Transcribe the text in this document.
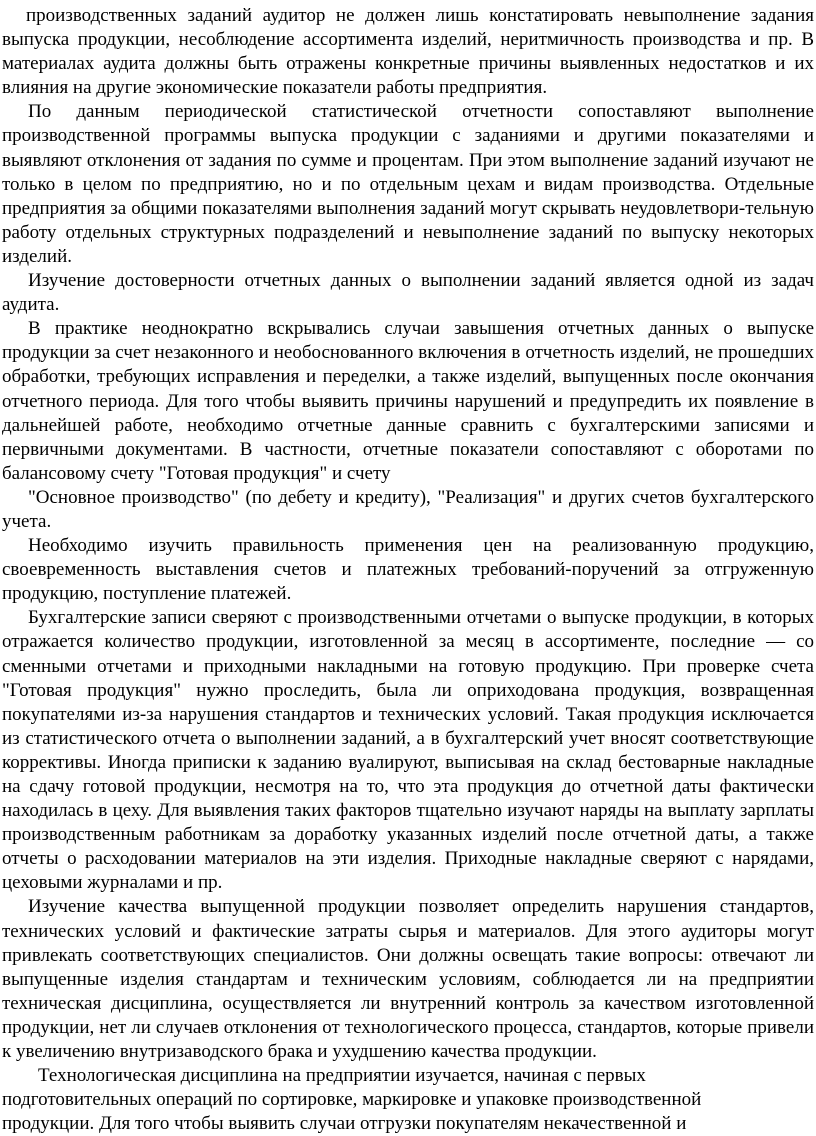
производственных заданий аудитор не должен лишь констатировать невыполнение задания выпуска продукции, несоблюдение ассортимента изделий, неритмичность производства и пр. В материалах аудита должны быть отражены конкретные причины выявленных недостатков и их влияния на другие экономические показатели работы предприятия.

По данным периодической статистической отчетности сопоставляют выполнение производственной программы выпуска продукции с заданиями и другими показателями и выявляют отклонения от задания по сумме и процентам. При этом выполнение заданий изучают не только в целом по предприятию, но и по отдельным цехам и видам производства. Отдельные предприятия за общими показателями выполнения заданий могут скрывать неудовлетвори-тельную работу отдельных структурных подразделений и невыполнение заданий по выпуску некоторых изделий.

Изучение достоверности отчетных данных о выполнении заданий является одной из задач аудита.

В практике неоднократно вскрывались случаи завышения отчетных данных о выпуске продукции за счет незаконного и необоснованного включения в отчетность изделий, не прошедших обработки, требующих исправления и переделки, а также изделий, выпущенных после окончания отчетного периода. Для того чтобы выявить причины нарушений и предупредить их появление в дальнейшей работе, необходимо отчетные данные сравнить с бухгалтерскими записями и первичными документами. В частности, отчетные показатели сопоставляют с оборотами по балансовому счету "Готовая продукция" и счету

"Основное производство" (по дебету и кредиту), "Реализация" и других счетов бухгалтерского учета.

Необходимо изучить правильность применения цен на реализованную продукцию, своевременность выставления счетов и платежных требований-поручений за отгруженную продукцию, поступление платежей.

Бухгалтерские записи сверяют с производственными отчетами о выпуске продукции, в которых отражается количество продукции, изготовленной за месяц в ассортименте, последние — со сменными отчетами и приходными накладными на готовую продукцию. При проверке счета "Готовая продукция" нужно проследить, была ли оприходована продукция, возвращенная покупателями из-за нарушения стандартов и технических условий. Такая продукция исключается из статистического отчета о выполнении заданий, а в бухгалтерский учет вносят соответствующие коррективы. Иногда приписки к заданию вуалируют, выписывая на склад бестоварные накладные на сдачу готовой продукции, несмотря на то, что эта продукция до отчетной даты фактически находилась в цеху. Для выявления таких факторов тщательно изучают наряды на выплату зарплаты производственным работникам за доработку указанных изделий после отчетной даты, а также отчеты о расходовании материалов на эти изделия. Приходные накладные сверяют с нарядами, цеховыми журналами и пр.

Изучение качества выпущенной продукции позволяет определить нарушения стандартов, технических условий и фактические затраты сырья и материалов. Для этого аудиторы могут привлекать соответствующих специалистов. Они должны освещать такие вопросы: отвечают ли выпущенные изделия стандартам и техническим условиям, соблюдается ли на предприятии техническая дисциплина, осуществляется ли внутренний контроль за качеством изготовленной продукции, нет ли случаев отклонения от технологического процесса, стандартов, которые привели к увеличению внутризаводского брака и ухудшению качества продукции.

Технологическая дисциплина на предприятии изучается, начиная с первых подготовительных операций по сортировке, маркировке и упаковке производственной продукции. Для того чтобы выявить случаи отгрузки покупателям некачественной и
